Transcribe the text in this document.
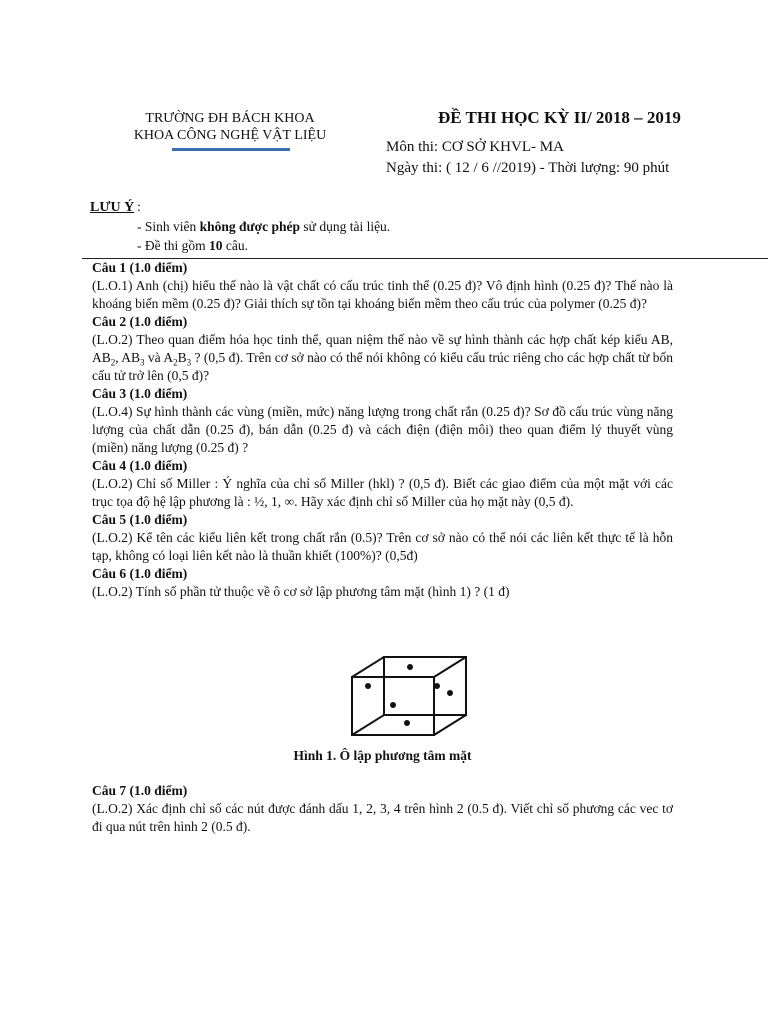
TRƯỜNG ĐH BÁCH KHOA
KHOA CÔNG NGHỆ VẬT LIỆU
ĐỀ THI HỌC KỲ II/ 2018 – 2019
Môn thi: CƠ SỞ KHVL- MA
Ngày thi: ( 12 / 6 //2019) - Thời lượng: 90 phút
LƯU Ý :
- Sinh viên không được phép sử dụng tài liệu.
- Đề thi gồm 10 câu.

Câu 1 (1.0 điểm)

(L.O.1) Anh (chị) hiểu thế nào là vật chất có cấu trúc tinh thể (0.25 đ)? Vô định hình (0.25 đ)? Thế nào là khoáng biến mềm (0.25 đ)? Giải thích sự tồn tại khoáng biến mềm theo cấu trúc của polymer (0.25 đ)?

Câu 2 (1.0 điểm)

(L.O.2) Theo quan điểm hóa học tinh thể, quan niệm thế nào về sự hình thành các hợp chất kép kiểu AB, $AB_2$, $AB_3$ và $A_2B_3$ ? (0,5 đ). Trên cơ sở nào có thể nói không có kiểu cấu trúc riêng cho các hợp chất từ bốn cấu tử trở lên (0,5 đ)?

Câu 3 (1.0 điểm)

(L.O.4) Sự hình thành các vùng (miền, mức) năng lượng trong chất rắn (0.25 đ)? Sơ đồ cấu trúc vùng năng lượng của chất dẫn (0.25 đ), bán dẫn (0.25 đ) và cách điện (điện môi) theo quan điểm lý thuyết vùng (miền) năng lượng (0.25 đ) ?

Câu 4 (1.0 điểm)

(L.O.2) Chỉ số Miller : Ý nghĩa của chỉ số Miller (hkl) ? (0,5 đ). Biết các giao điểm của một mặt với các trục tọa độ hệ lập phương là : ½, 1, ∞. Hãy xác định chỉ số Miller của họ mặt này (0,5 đ).

Câu 5 (1.0 điểm)

(L.O.2) Kể tên các kiểu liên kết trong chất rắn (0.5)? Trên cơ sở nào có thể nói các liên kết thực tế là hỗn tạp, không có loại liên kết nào là thuần khiết (100%)? (0,5đ)

Câu 6 (1.0 điểm)

(L.O.2) Tính số phần tử thuộc về ô cơ sở lập phương tâm mặt (hình 1) ? (1 đ)

Hình 1. Ô lập phương tâm mặt

Câu 7 (1.0 điểm)

(L.O.2) Xác định chỉ số các nút được đánh dấu 1, 2, 3, 4 trên hình 2 (0.5 đ). Viết chỉ số phương các vec tơ đi qua nút trên hình 2 (0.5 đ).
